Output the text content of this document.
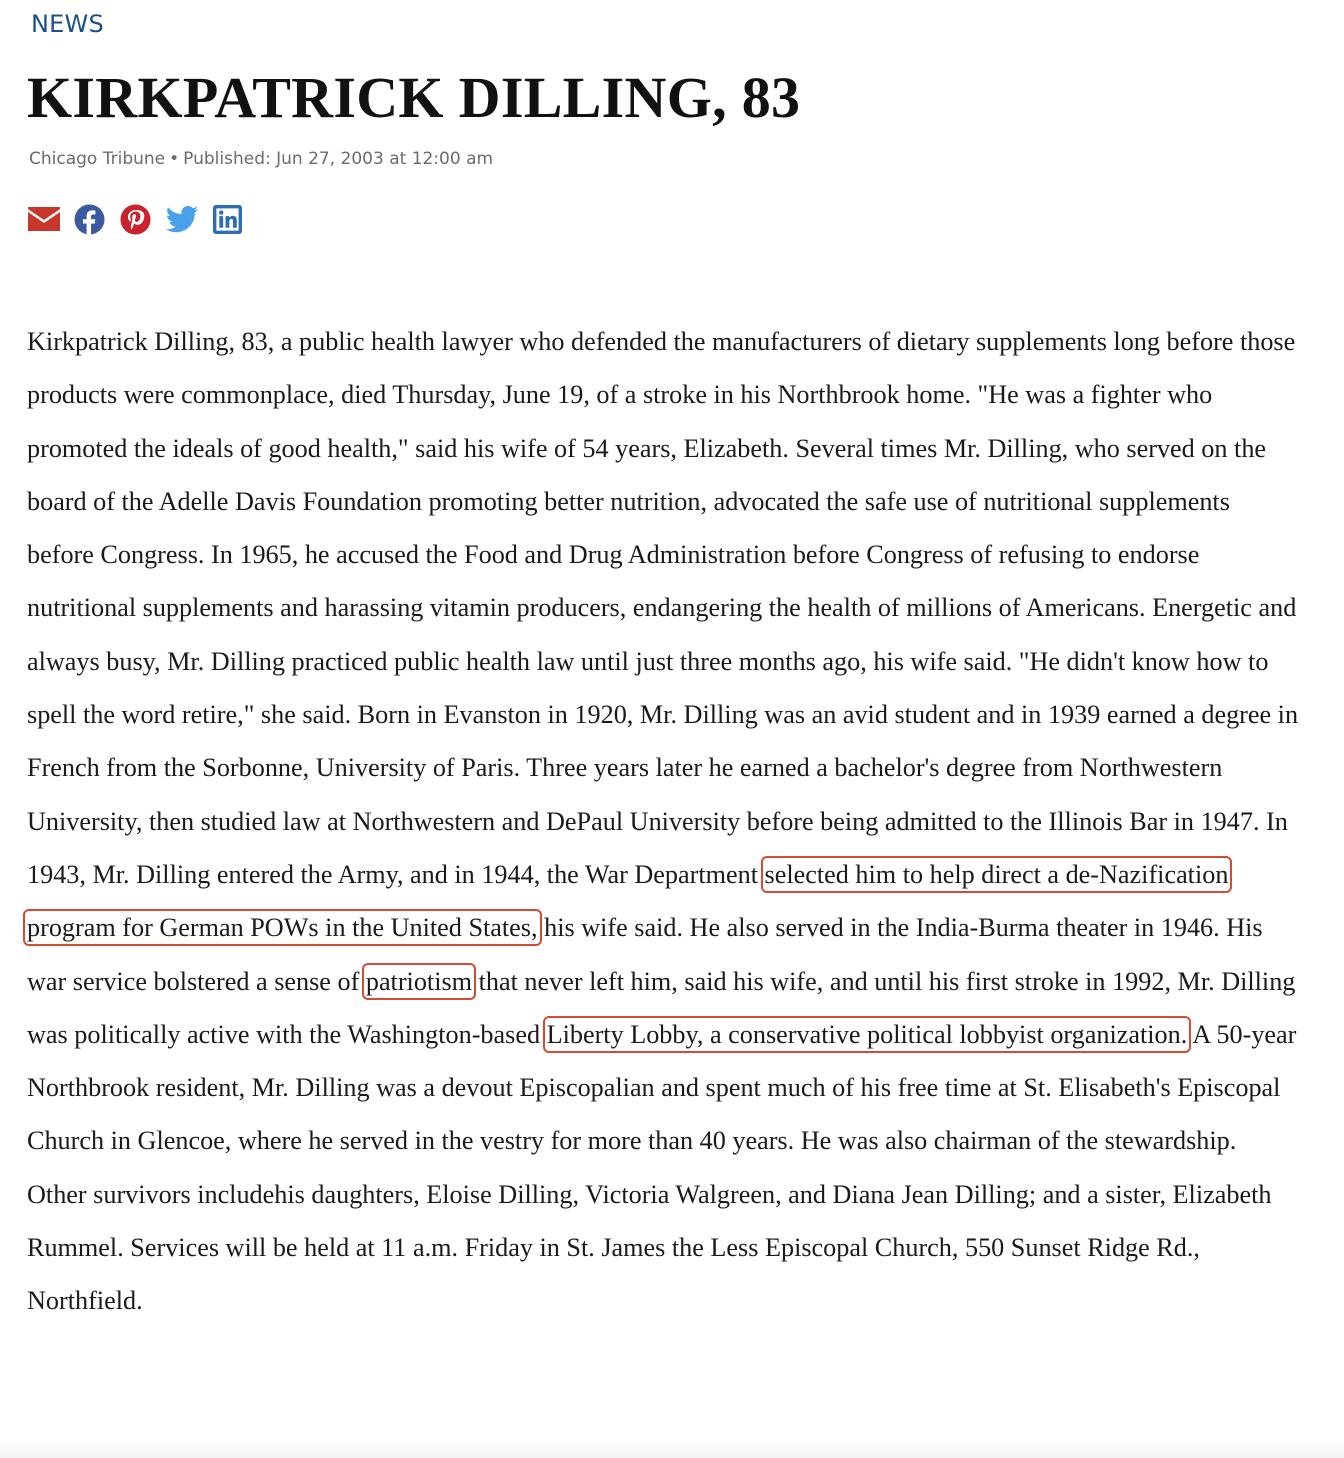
NEWS
KIRKPATRICK DILLING, 83
Chicago Tribune • Published: Jun 27, 2003 at 12:00 am

Kirkpatrick Dilling, 83, a public health lawyer who defended the manufacturers of dietary supplements long before those products were commonplace, died Thursday, June 19, of a stroke in his Northbrook home. "He was a fighter who promoted the ideals of good health," said his wife of 54 years, Elizabeth. Several times Mr. Dilling, who served on the board of the Adelle Davis Foundation promoting better nutrition, advocated the safe use of nutritional supplements before Congress. In 1965, he accused the Food and Drug Administration before Congress of refusing to endorse nutritional supplements and harassing vitamin producers, endangering the health of millions of Americans. Energetic and always busy, Mr. Dilling practiced public health law until just three months ago, his wife said. "He didn't know how to spell the word retire," she said. Born in Evanston in 1920, Mr. Dilling was an avid student and in 1939 earned a degree in French from the Sorbonne, University of Paris. Three years later he earned a bachelor's degree from Northwestern University, then studied law at Northwestern and DePaul University before being admitted to the Illinois Bar in 1947. In 1943, Mr. Dilling entered the Army, and in 1944, the War Department selected him to help direct a de-Nazification program for German POWs in the United States, his wife said. He also served in the India-Burma theater in 1946. His war service bolstered a sense of patriotism that never left him, said his wife, and until his first stroke in 1992, Mr. Dilling was politically active with the Washington-based Liberty Lobby, a conservative political lobbyist organization. A 50-year Northbrook resident, Mr. Dilling was a devout Episcopalian and spent much of his free time at St. Elisabeth's Episcopal Church in Glencoe, where he served in the vestry for more than 40 years. He was also chairman of the stewardship. Other survivors includehis daughters, Eloise Dilling, Victoria Walgreen, and Diana Jean Dilling; and a sister, Elizabeth Rummel. Services will be held at 11 a.m. Friday in St. James the Less Episcopal Church, 550 Sunset Ridge Rd., Northfield.
